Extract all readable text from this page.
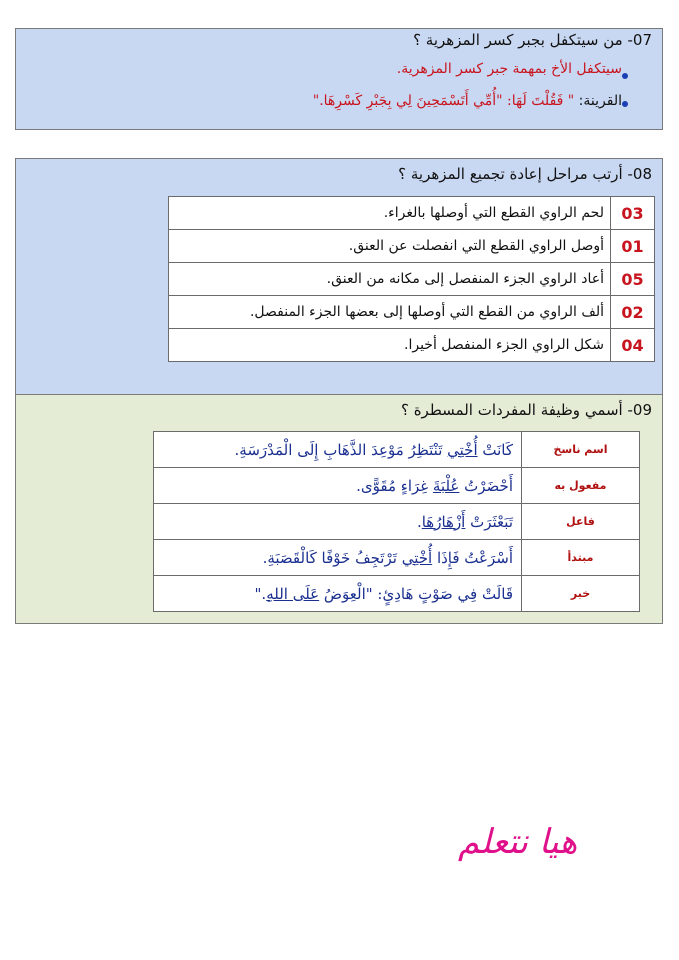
07- من سيتكفل بجبر كسر المزهرية ؟
سيتكفل الأخ بمهمة جبر كسر المزهرية.
القرينة: " فَقُلْتَ لَهَا: "أُمِّي أَتَسْمَحِينَ لِي بِجَبْرِ كَسْرِهَا."
08- أرتب مراحل إعادة تجميع المزهرية ؟
لحم الراوي القطع التي أوصلها بالغراء.	03
أوصل الراوي القطع التي انفصلت عن العنق.	01
أعاد الراوي الجزء المنفصل إلى مكانه من العنق.	05
ألف الراوي من القطع التي أوصلها إلى بعضها الجزء المنفصل.	02
شكل الراوي الجزء المنفصل أخيرا.	04
09- أسمي وظيفة المفردات المسطرة ؟
كَانَتْ أُخْتِي تَنْتَظِرُ مَوْعِدَ الذَّهَابِ إِلَى الْمَدْرَسَةِ.	اسم ناسخ
أَحْضَرْتُ عُلْبَةَ غِرَاءٍ مُقَوًّى.	مفعول به
تَبَعْثَرَتْ أَزْهَارُهَا.	فاعل
أَسْرَعْتُ فَإِذَا أُخْتِي تَرْتَجِفُ خَوْفًا كَالْقَصَبَةِ.	مبتدأ
قَالَتْ فِي صَوْتٍ هَادِئٍ: "الْعِوَضُ عَلَى اللهِ."	خبر
هيا نتعلم
